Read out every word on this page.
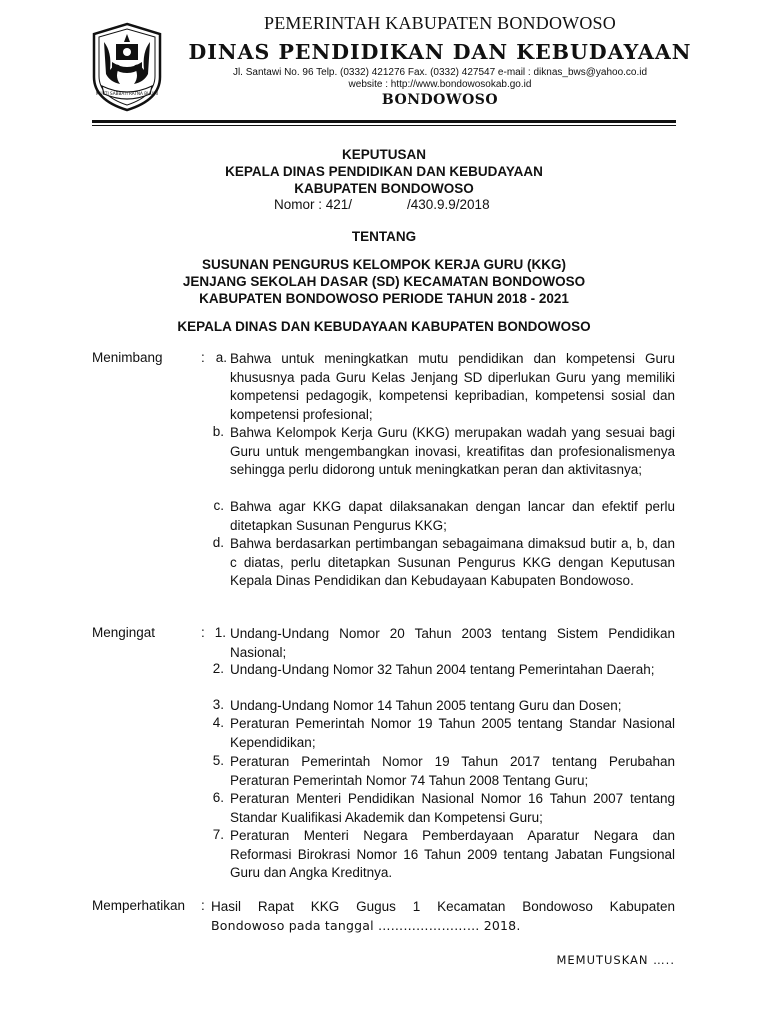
MUKTI SABBATI RATNA BHUMI
PEMERINTAH KABUPATEN BONDOWOSO
DINAS PENDIDIKAN DAN KEBUDAYAAN
Jl. Santawi No. 96 Telp. (0332) 421276 Fax. (0332) 427547 e-mail : diknas_bws@yahoo.co.id
website : http://www.bondowosokab.go.id
BONDOWOSO
KEPUTUSAN
KEPALA DINAS PENDIDIKAN DAN KEBUDAYAAN
KABUPATEN BONDOWOSO
Nomor : 421/	/430.9.9/2018
TENTANG
SUSUNAN PENGURUS KELOMPOK KERJA GURU (KKG)
JENJANG SEKOLAH DASAR (SD) KECAMATAN BONDOWOSO
KABUPATEN BONDOWOSO PERIODE TAHUN 2018 - 2021
KEPALA DINAS DAN KEBUDAYAAN KABUPATEN BONDOWOSO
Menimbang	: a. Bahwa untuk meningkatkan mutu pendidikan dan kompetensi Guru khususnya pada Guru Kelas Jenjang SD diperlukan Guru yang memiliki kompetensi pedagogik, kompetensi kepribadian, kompetensi sosial dan kompetensi profesional;
b. Bahwa Kelompok Kerja Guru (KKG) merupakan wadah yang sesuai bagi Guru untuk mengembangkan inovasi, kreatifitas dan profesionalismenya sehingga perlu didorong untuk meningkatkan peran dan aktivitasnya;
c. Bahwa agar KKG dapat dilaksanakan dengan lancar dan efektif perlu ditetapkan Susunan Pengurus KKG;
d. Bahwa berdasarkan pertimbangan sebagaimana dimaksud butir a, b, dan c diatas, perlu ditetapkan Susunan Pengurus KKG dengan Keputusan Kepala Dinas Pendidikan dan Kebudayaan Kabupaten Bondowoso.
Mengingat	: 1. Undang-Undang Nomor 20 Tahun 2003 tentang Sistem Pendidikan Nasional;
2. Undang-Undang Nomor 32 Tahun 2004 tentang Pemerintahan Daerah;
3. Undang-Undang Nomor 14 Tahun 2005 tentang Guru dan Dosen;
4. Peraturan Pemerintah Nomor 19 Tahun 2005 tentang Standar Nasional Kependidikan;
5. Peraturan Pemerintah Nomor 19 Tahun 2017 tentang Perubahan Peraturan Pemerintah Nomor 74 Tahun 2008 Tentang Guru;
6. Peraturan Menteri Pendidikan Nasional Nomor 16 Tahun 2007 tentang Standar Kualifikasi Akademik dan Kompetensi Guru;
7. Peraturan Menteri Negara Pemberdayaan Aparatur Negara dan Reformasi Birokrasi Nomor 16 Tahun 2009 tentang Jabatan Fungsional Guru dan Angka Kreditnya.
Memperhatikan : Hasil Rapat KKG Gugus 1 Kecamatan Bondowoso Kabupaten
Bondowoso pada tanggal …………………… 2018.
MEMUTUSKAN …..
